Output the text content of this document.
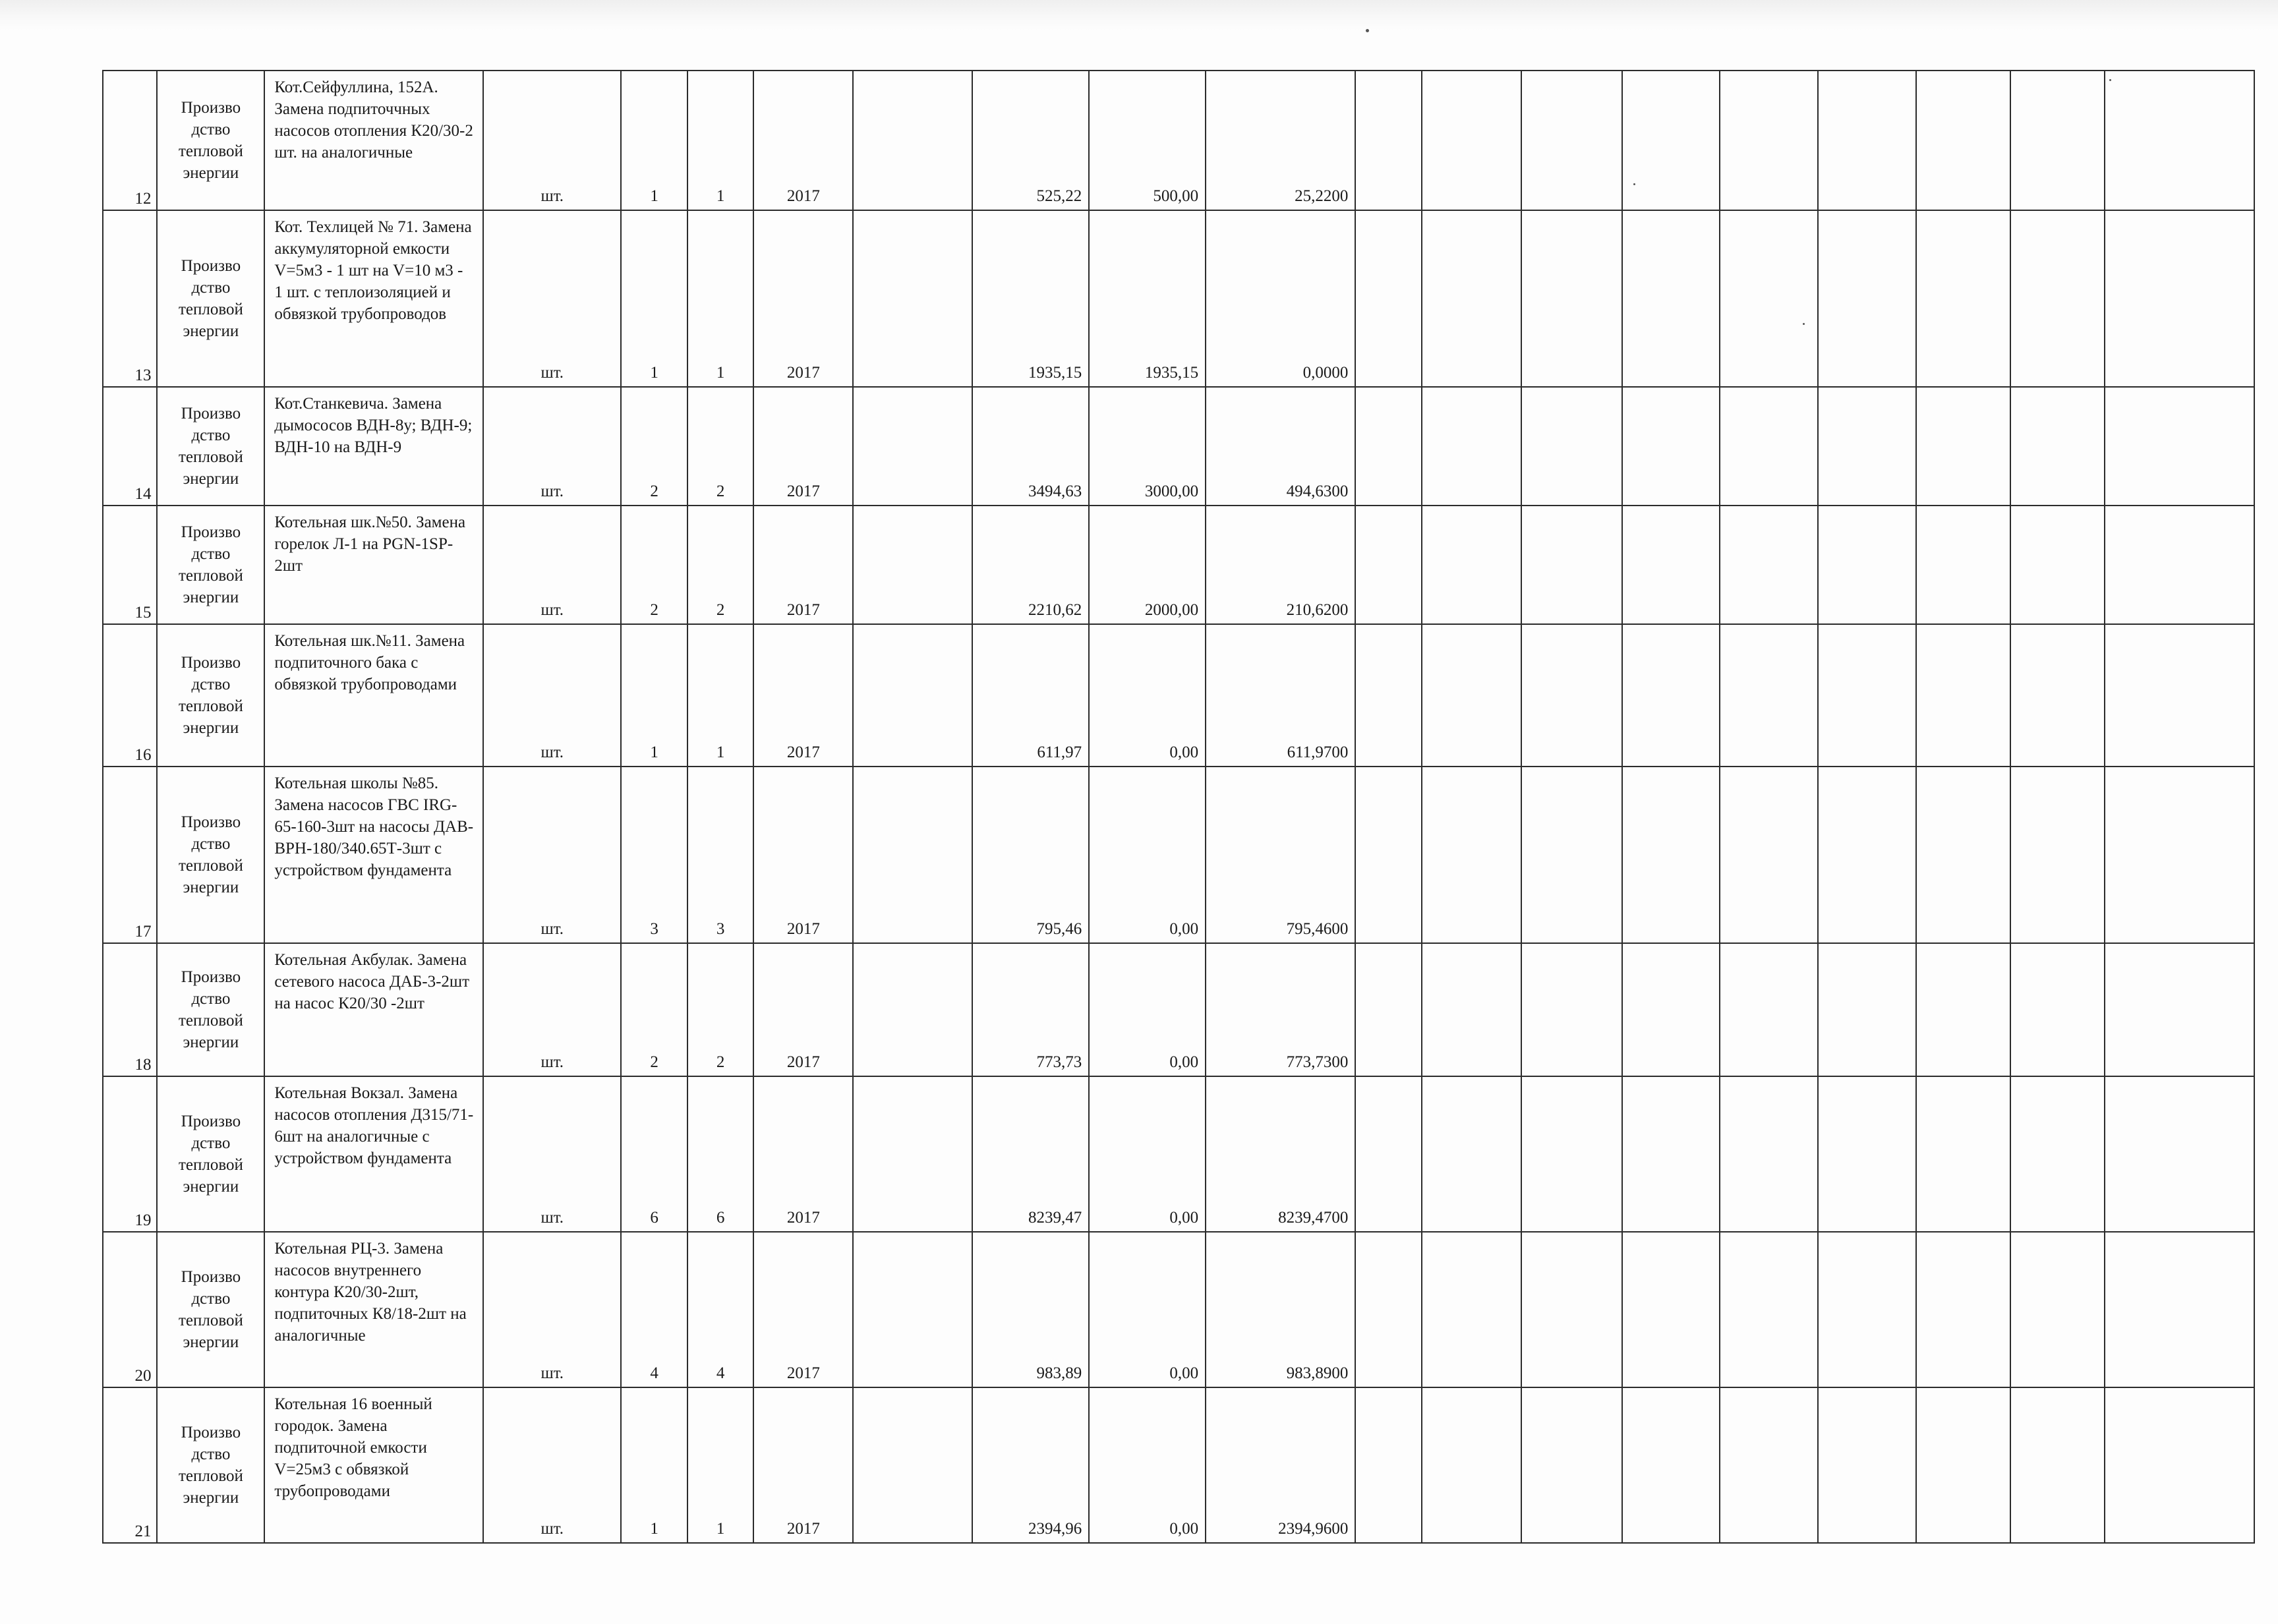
12	Произво дство тепловой энергии	Кот.Сейфуллина, 152А. Замена подпиточчных насосов отопления К20/30-2 шт. на аналогичные	шт.	1	1	2017		525,22	500,00	25,2200									
13	Произво дство тепловой энергии	Кот. Техлицей № 71. Замена аккумуляторной емкости V=5м3 - 1 шт на V=10 м3 - 1 шт. с теплоизоляцией и обвязкой трубопроводов	шт.	1	1	2017		1935,15	1935,15	0,0000									
14	Произво дство тепловой энергии	Кот.Станкевича. Замена дымососов ВДН-8у; ВДН-9; ВДН-10 на ВДН-9	шт.	2	2	2017		3494,63	3000,00	494,6300									
15	Произво дство тепловой энергии	Котельная шк.№50. Замена горелок Л-1 на PGN-1SP-2шт	шт.	2	2	2017		2210,62	2000,00	210,6200									
16	Произво дство тепловой энергии	Котельная шк.№11. Замена подпиточного бака с обвязкой трубопроводами	шт.	1	1	2017		611,97	0,00	611,9700									
17	Произво дство тепловой энергии	Котельная школы №85. Замена насосов ГВС IRG-65-160-3шт на насосы ДАВ-ВРН-180/340.65Т-3шт с устройством фундамента	шт.	3	3	2017		795,46	0,00	795,4600									
18	Произво дство тепловой энергии	Котельная Акбулак. Замена сетевого насоса ДАБ-3-2шт на насос К20/30 -2шт	шт.	2	2	2017		773,73	0,00	773,7300									
19	Произво дство тепловой энергии	Котельная Вокзал. Замена насосов отопления Д315/71-6шт на аналогичные с устройством фундамента	шт.	6	6	2017		8239,47	0,00	8239,4700									
20	Произво дство тепловой энергии	Котельная РЦ-3. Замена насосов внутреннего контура К20/30-2шт, подпиточных К8/18-2шт на аналогичные	шт.	4	4	2017		983,89	0,00	983,8900									
21	Произво дство тепловой энергии	Котельная 16 военный городок. Замена подпиточной емкости V=25м3 с обвязкой трубопроводами	шт.	1	1	2017		2394,96	0,00	2394,9600									
